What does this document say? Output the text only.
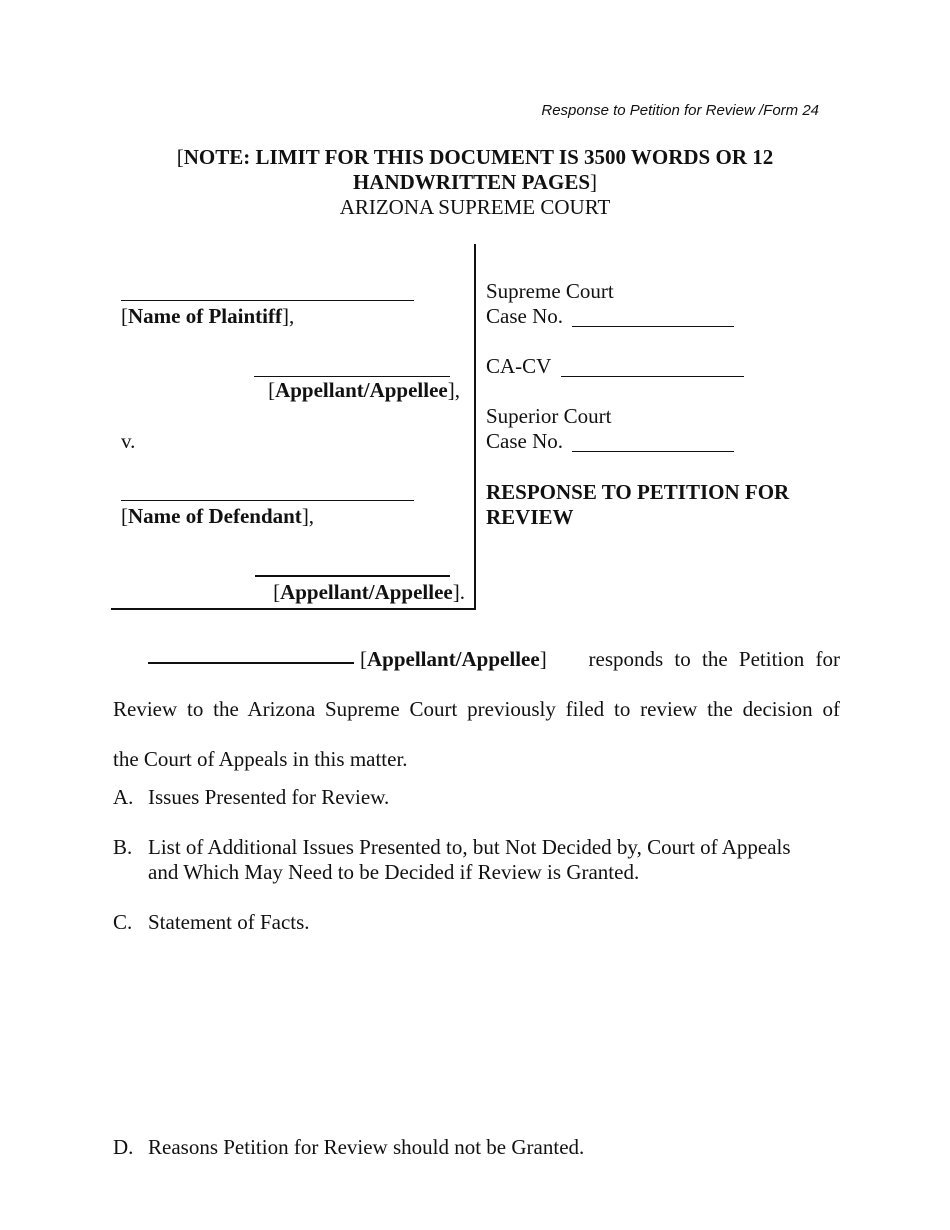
Response to Petition for Review /Form 24
[NOTE: LIMIT FOR THIS DOCUMENT IS 3500 WORDS OR 12
HANDWRITTEN PAGES]
ARIZONA SUPREME COURT
[Name of Plaintiff],
[Appellant/Appellee],
v.
[Name of Defendant],
[Appellant/Appellee].
Supreme Court
Case No.
CA-CV
Superior Court
Case No.
RESPONSE TO PETITION FOR
REVIEW
[ Appellant/Appellee ] responds to the Petition for
Review to the Arizona Supreme Court previously filed to review the decision of
the Court of Appeals in this matter.
A. Issues Presented for Review.
B. List of Additional Issues Presented to, but Not Decided by, Court of Appeals
and Which May Need to be Decided if Review is Granted.
C. Statement of Facts.
D. Reasons Petition for Review should not be Granted.
